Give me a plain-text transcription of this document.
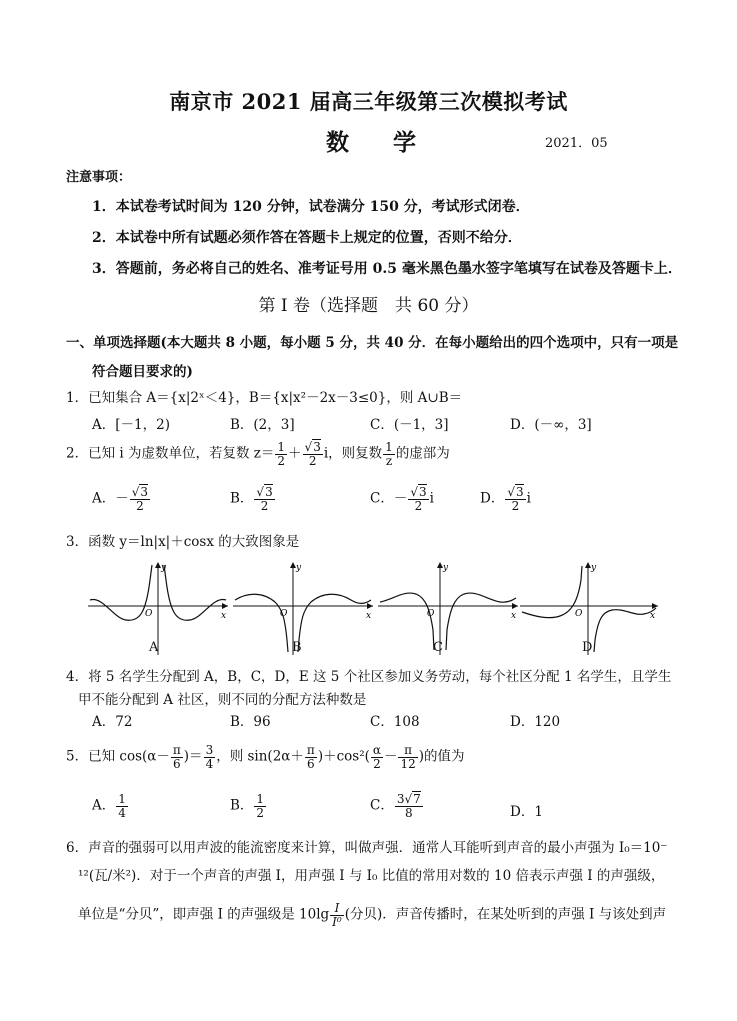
南京市 2021 届高三年级第三次模拟考试
数学	2021．05
注意事项：
1．本试卷考试时间为 120 分钟，试卷满分 150 分，考试形式闭卷．
2．本试卷中所有试题必须作答在答题卡上规定的位置，否则不给分．
3．答题前，务必将自己的姓名、准考证号用 0.5 毫米黑色墨水签字笔填写在试卷及答题卡上．
第 I 卷（选择题　共 60 分）
一、单项选择题(本大题共 8 小题，每小题 5 分，共 40 分．在每小题给出的四个选项中，只有一项是
符合题目要求的)
1．已知集合 A＝{x|2ˣ＜4}，B＝{x|x²－2x－3≤0}，则 A∪B＝
A．[－1，2)	B．(2，3]	C．(－1，3]	D．(－∞，3]
2．已知 i 为虚数单位，若复数 $z= \frac{1}{2}$ ＋ √ $\frac{3}{2}$ i，则复数 $\frac{1}{z}$ 的虚部为
A．－ √ $\frac{3}{2}$	B． √ $\frac{3}{2}$	C．－ √ $\frac{3}{2}$ i	D． √ $\frac{3}{2}$ i
3．函数 y＝ln|x|＋cosx 的大致图象是
O
y
x	O
y
x	O
y
x	O
y
x
A	B	C	D
4．将 5 名学生分配到 A，B，C，D，E 这 5 个社区参加义务劳动，每个社区分配 1 名学生，且学生
甲不能分配到 A 社区，则不同的分配方法种数是
A．72	B．96	C．108	D．120
5．已知 $\cos(\alpha- \frac{\pi}{6}$ )＝ $\frac{3}{4}$ ，则 $\sin(2\alpha+ \frac{\pi}{6} )+\cos^2( \frac{\alpha}{2} - \frac{\pi}{12}$ )的值为
A． $\frac{1}{4}$	B． $\frac{1}{2}$	C． $\frac{3 √ 7}{8}$	D．1
6．声音的强弱可以用声波的能流密度来计算，叫做声强．通常人耳能听到声音的最小声强为 I₀＝10⁻
¹²(瓦/米²)．对于一个声音的声强 I，用声强 I 与 I₀ 比值的常用对数的 10 倍表示声强 I 的声强级，
单位是“分贝”，即声强 I 的声强级是 $10\lg \frac{I}{\text{I⁰}}$ (分贝)．声音传播时，在某处听到的声强 I 与该处到声
